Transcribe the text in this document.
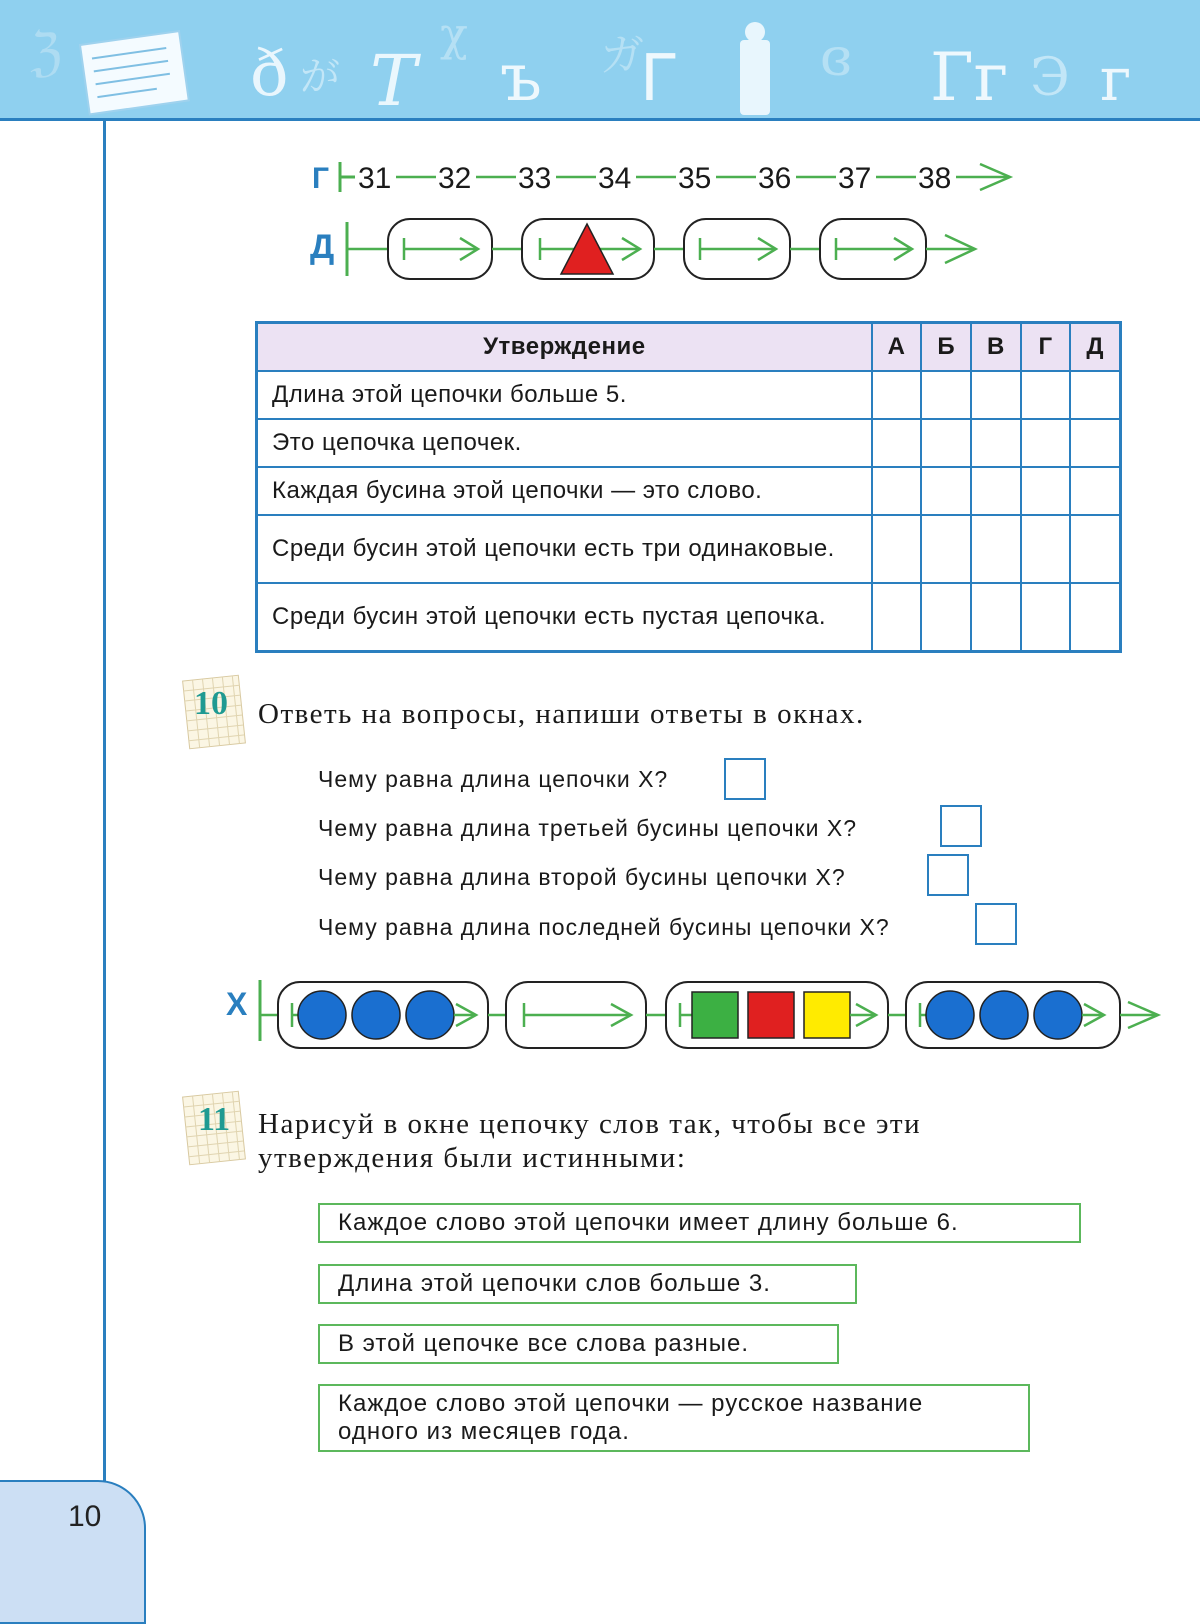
ℨ	ð が T
χ
ъ ガ
Г	ɞ Гг Э г
10
Г 31 32 33 34 35 36 37 38
Д
Утверждение	А	Б	В	Г	Д
Длина этой цепочки больше 5.					
Это цепочка цепочек.					
Каждая бусина этой цепочки — это слово.					
Среди бусин этой цепочки есть три одинаковые.					
Среди бусин этой цепочки есть пустая цепочка.					
10 Ответь на вопросы, напиши ответы в окнах.
Чему равна длина цепочки X?
Чему равна длина третьей бусины цепочки X?
Чему равна длина второй бусины цепочки X?
Чему равна длина последней бусины цепочки X?
Х
11 Нарисуй в окне цепочку слов так, чтобы все эти
утверждения были истинными:
Каждое слово этой цепочки имеет длину больше 6.
Длина этой цепочки слов больше 3.
В этой цепочке все слова разные.
Каждое слово этой цепочки — русское название одного из месяцев года.
